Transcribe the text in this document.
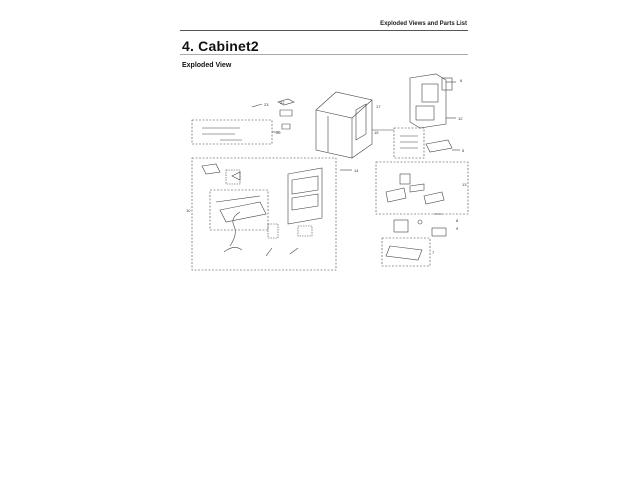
Exploded Views and Parts List
4. Cabinet2
Exploded View
10
14
15
6
12
5
13
8
9
7
22
23
20
17
